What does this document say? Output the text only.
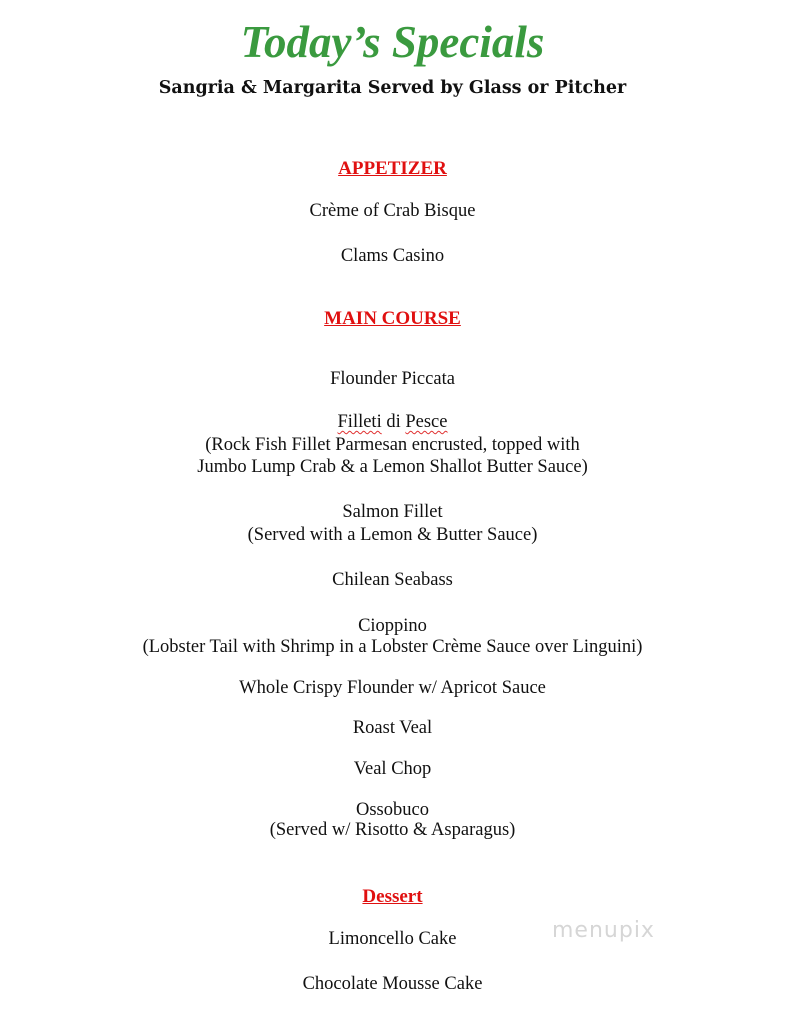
Today’s Specials
Sangria & Margarita Served by Glass or Pitcher
APPETIZER
Crème of Crab Bisque
Clams Casino
MAIN COURSE
Flounder Piccata
Filleti di Pesce
(Rock Fish Fillet Parmesan encrusted, topped with
Jumbo Lump Crab & a Lemon Shallot Butter Sauce)
Salmon Fillet
(Served with a Lemon & Butter Sauce)
Chilean Seabass
Cioppino
(Lobster Tail with Shrimp in a Lobster Crème Sauce over Linguini)
Whole Crispy Flounder w/ Apricot Sauce
Roast Veal
Veal Chop
Ossobuco
(Served w/ Risotto & Asparagus)
Dessert
Limoncello Cake
Chocolate Mousse Cake
menupix
